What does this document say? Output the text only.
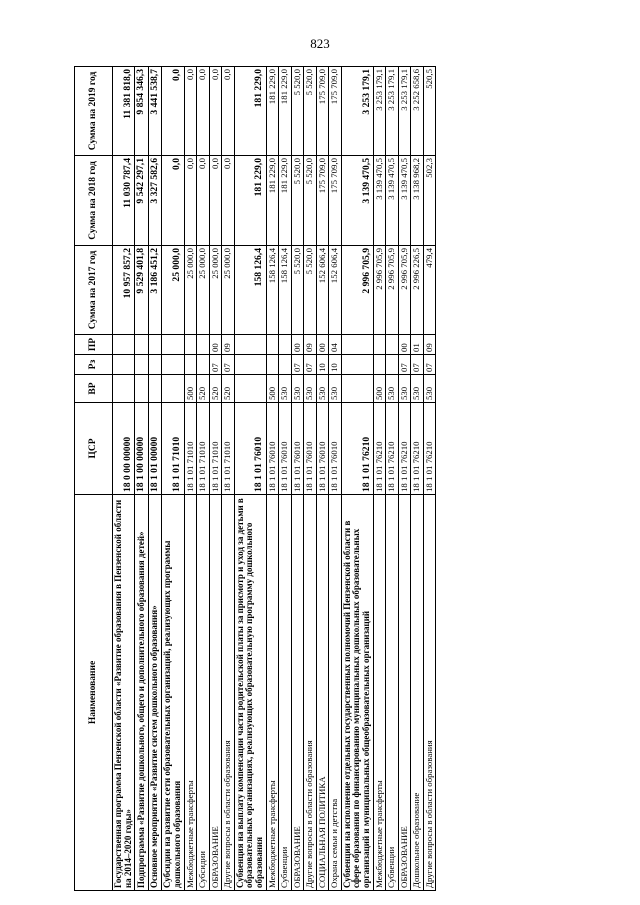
823
Наименование	ЦСР	ВР	Рз	ПР	Сумма на 2017 год	Сумма на 2018 год	Сумма на 2019 год
Государственная программа Пензенской области «Развитие образования в Пензенской области на 2014–2020 годы»	18 0 00 00000				10 957 857,2	11 030 787,4	11 381 818,0
Подпрограмма «Развитие дошкольного, общего и дополнительного образования детей»	18 1 00 00000				9 529 401,8	9 542 297,1	9 854 346,3
Основное мероприятие «Развитие систем дошкольного образования»	18 1 01 00000				3 186 451,2	3 327 582,6	3 441 538,7
Субсидии на развитие сети образовательных организаций, реализующих программы дошкольного образования	18 1 01 71010				25 000,0	0,0	0,0
Межбюджетные трансферты	18 1 01 71010	500			25 000,0	0,0	0,0
Субсидии	18 1 01 71010	520			25 000,0	0,0	0,0
ОБРАЗОВАНИЕ	18 1 01 71010	520	07	00	25 000,0	0,0	0,0
Другие вопросы в области образования	18 1 01 71010	520	07	09	25 000,0	0,0	0,0
Субвенция на выплату компенсации части родительской платы за присмотр и уход за детьми в образовательных организациях, реализующих образовательную программу дошкольного образования	18 1 01 76010				158 126,4	181 229,0	181 229,0
Межбюджетные трансферты	18 1 01 76010	500			158 126,4	181 229,0	181 229,0
Субвенции	18 1 01 76010	530			158 126,4	181 229,0	181 229,0
ОБРАЗОВАНИЕ	18 1 01 76010	530	07	00	5 520,0	5 520,0	5 520,0
Другие вопросы в области образования	18 1 01 76010	530	07	09	5 520,0	5 520,0	5 520,0
СОЦИАЛЬНАЯ ПОЛИТИКА	18 1 01 76010	530	10	00	152 606,4	175 709,0	175 709,0
Охрана семьи и детства	18 1 01 76010	530	10	04	152 606,4	175 709,0	175 709,0
Субвенции на исполнение отдельных государственных полномочий Пензенской области в сфере образования по финансированию муниципальных дошкольных образовательных организаций и муниципальных общеобразовательных организаций	18 1 01 76210				2 996 705,9	3 139 470,5	3 253 179,1
Межбюджетные трансферты	18 1 01 76210	500			2 996 705,9	3 139 470,5	3 253 179,1
Субвенции	18 1 01 76210	530			2 996 705,9	3 139 470,5	3 253 179,1
ОБРАЗОВАНИЕ	18 1 01 76210	530	07	00	2 996 705,9	3 139 470,5	3 253 179,1
Дошкольное образование	18 1 01 76210	530	07	01	2 996 226,5	3 138 968,2	3 252 658,6
Другие вопросы в области образования	18 1 01 76210	530	07	09	479,4	502,3	520,5
